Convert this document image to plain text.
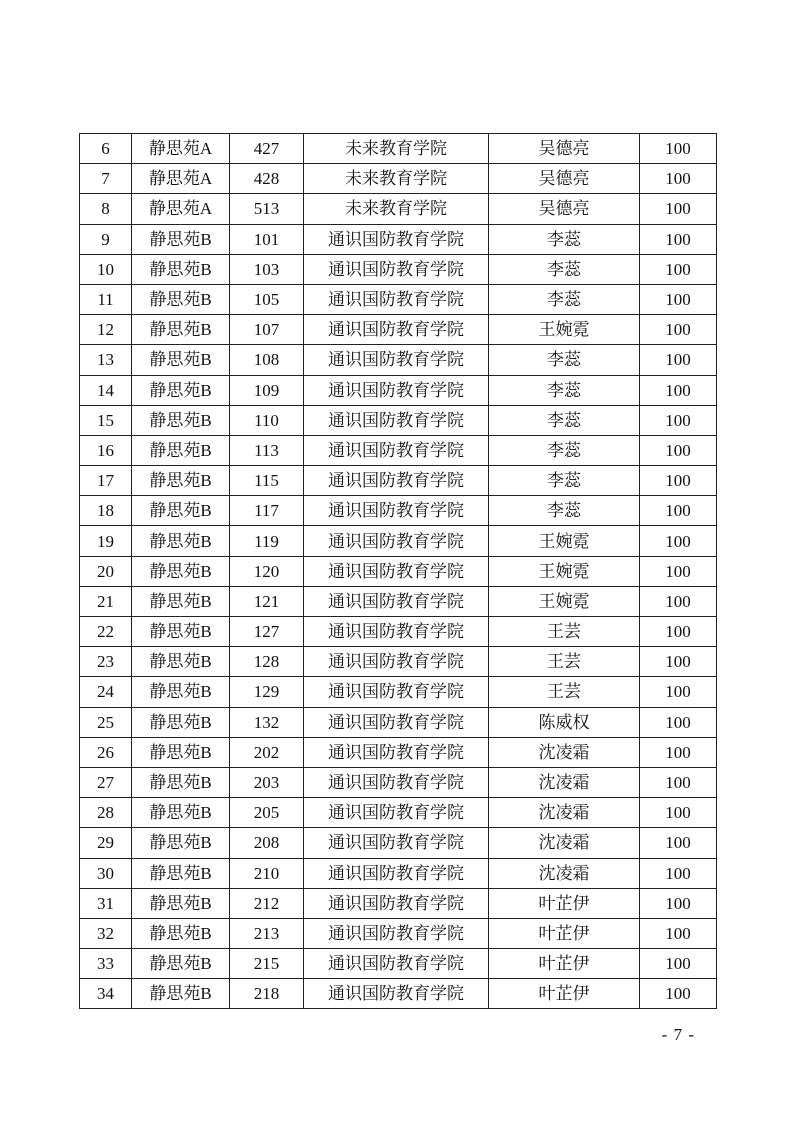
6	静思苑A	427	未来教育学院	吴德亮	100
7	静思苑A	428	未来教育学院	吴德亮	100
8	静思苑A	513	未来教育学院	吴德亮	100
9	静思苑B	101	通识国防教育学院	李蕊	100
10	静思苑B	103	通识国防教育学院	李蕊	100
11	静思苑B	105	通识国防教育学院	李蕊	100
12	静思苑B	107	通识国防教育学院	王婉霓	100
13	静思苑B	108	通识国防教育学院	李蕊	100
14	静思苑B	109	通识国防教育学院	李蕊	100
15	静思苑B	110	通识国防教育学院	李蕊	100
16	静思苑B	113	通识国防教育学院	李蕊	100
17	静思苑B	115	通识国防教育学院	李蕊	100
18	静思苑B	117	通识国防教育学院	李蕊	100
19	静思苑B	119	通识国防教育学院	王婉霓	100
20	静思苑B	120	通识国防教育学院	王婉霓	100
21	静思苑B	121	通识国防教育学院	王婉霓	100
22	静思苑B	127	通识国防教育学院	王芸	100
23	静思苑B	128	通识国防教育学院	王芸	100
24	静思苑B	129	通识国防教育学院	王芸	100
25	静思苑B	132	通识国防教育学院	陈威权	100
26	静思苑B	202	通识国防教育学院	沈凌霜	100
27	静思苑B	203	通识国防教育学院	沈凌霜	100
28	静思苑B	205	通识国防教育学院	沈凌霜	100
29	静思苑B	208	通识国防教育学院	沈凌霜	100
30	静思苑B	210	通识国防教育学院	沈凌霜	100
31	静思苑B	212	通识国防教育学院	叶芷伊	100
32	静思苑B	213	通识国防教育学院	叶芷伊	100
33	静思苑B	215	通识国防教育学院	叶芷伊	100
34	静思苑B	218	通识国防教育学院	叶芷伊	100
- 7 -
